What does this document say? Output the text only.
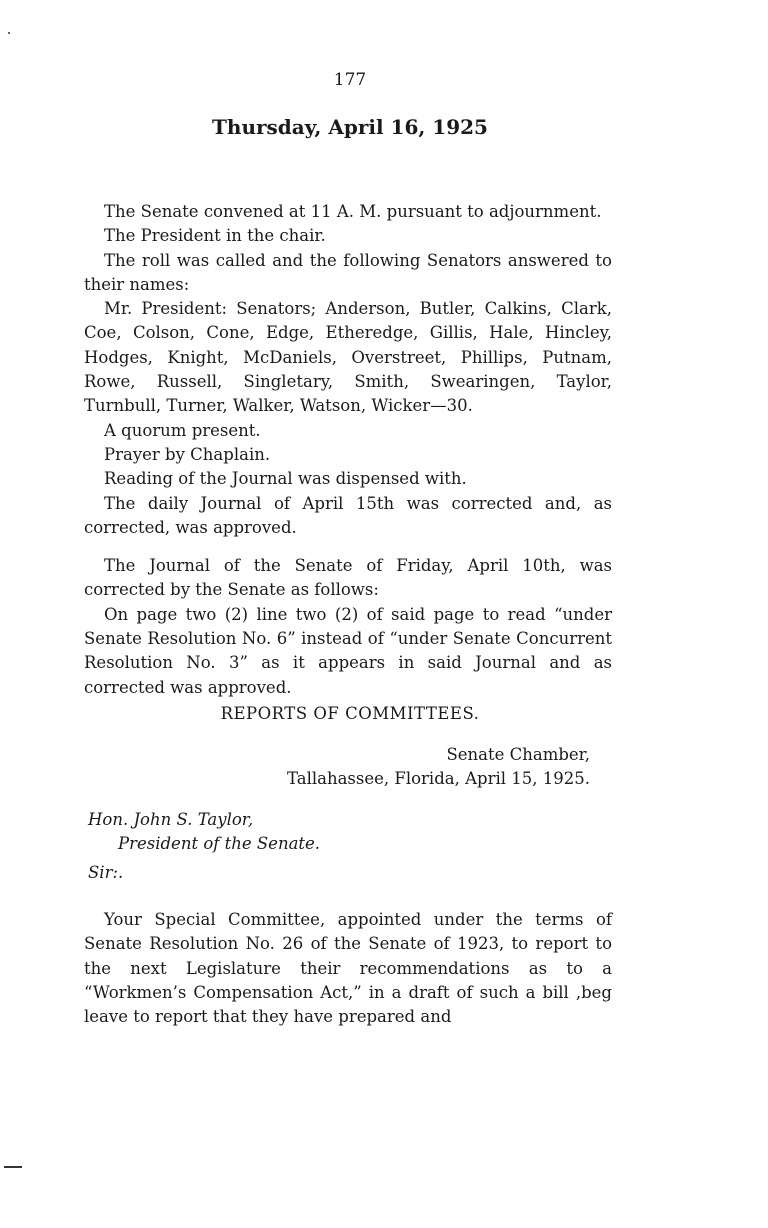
177
Thursday, April 16, 1925

The Senate convened at 11 A. M. pursuant to adjournment.

The President in the chair.

The roll was called and the following Senators answered to their names:

Mr. President: Senators; Anderson, Butler, Calkins, Clark, Coe, Colson, Cone, Edge, Etheredge, Gillis, Hale, Hincley, Hodges, Knight, McDaniels, Overstreet, Phillips, Putnam, Rowe, Russell, Singletary, Smith, Swearingen, Taylor, Turnbull, Turner, Walker, Watson, Wicker—30.

A quorum present.

Prayer by Chaplain.

Reading of the Journal was dispensed with.

The daily Journal of April 15th was corrected and, as corrected, was approved.

The Journal of the Senate of Friday, April 10th, was corrected by the Senate as follows:

On page two (2) line two (2) of said page to read “under Senate Resolution No. 6” instead of “under Senate Concurrent Resolution No. 3” as it appears in said Journal and as corrected was approved.

REPORTS OF COMMITTEES.
Senate Chamber,
Tallahassee, Florida, April 15, 1925.
Hon. John S. Taylor,
President of the Senate.
Sir:.

Your Special Committee, appointed under the terms of Senate Resolution No. 26 of the Senate of 1923, to report to the next Legislature their recommendations as to a “Workmen’s Compensation Act,” in a draft of such a bill ,beg leave to report that they have prepared and
